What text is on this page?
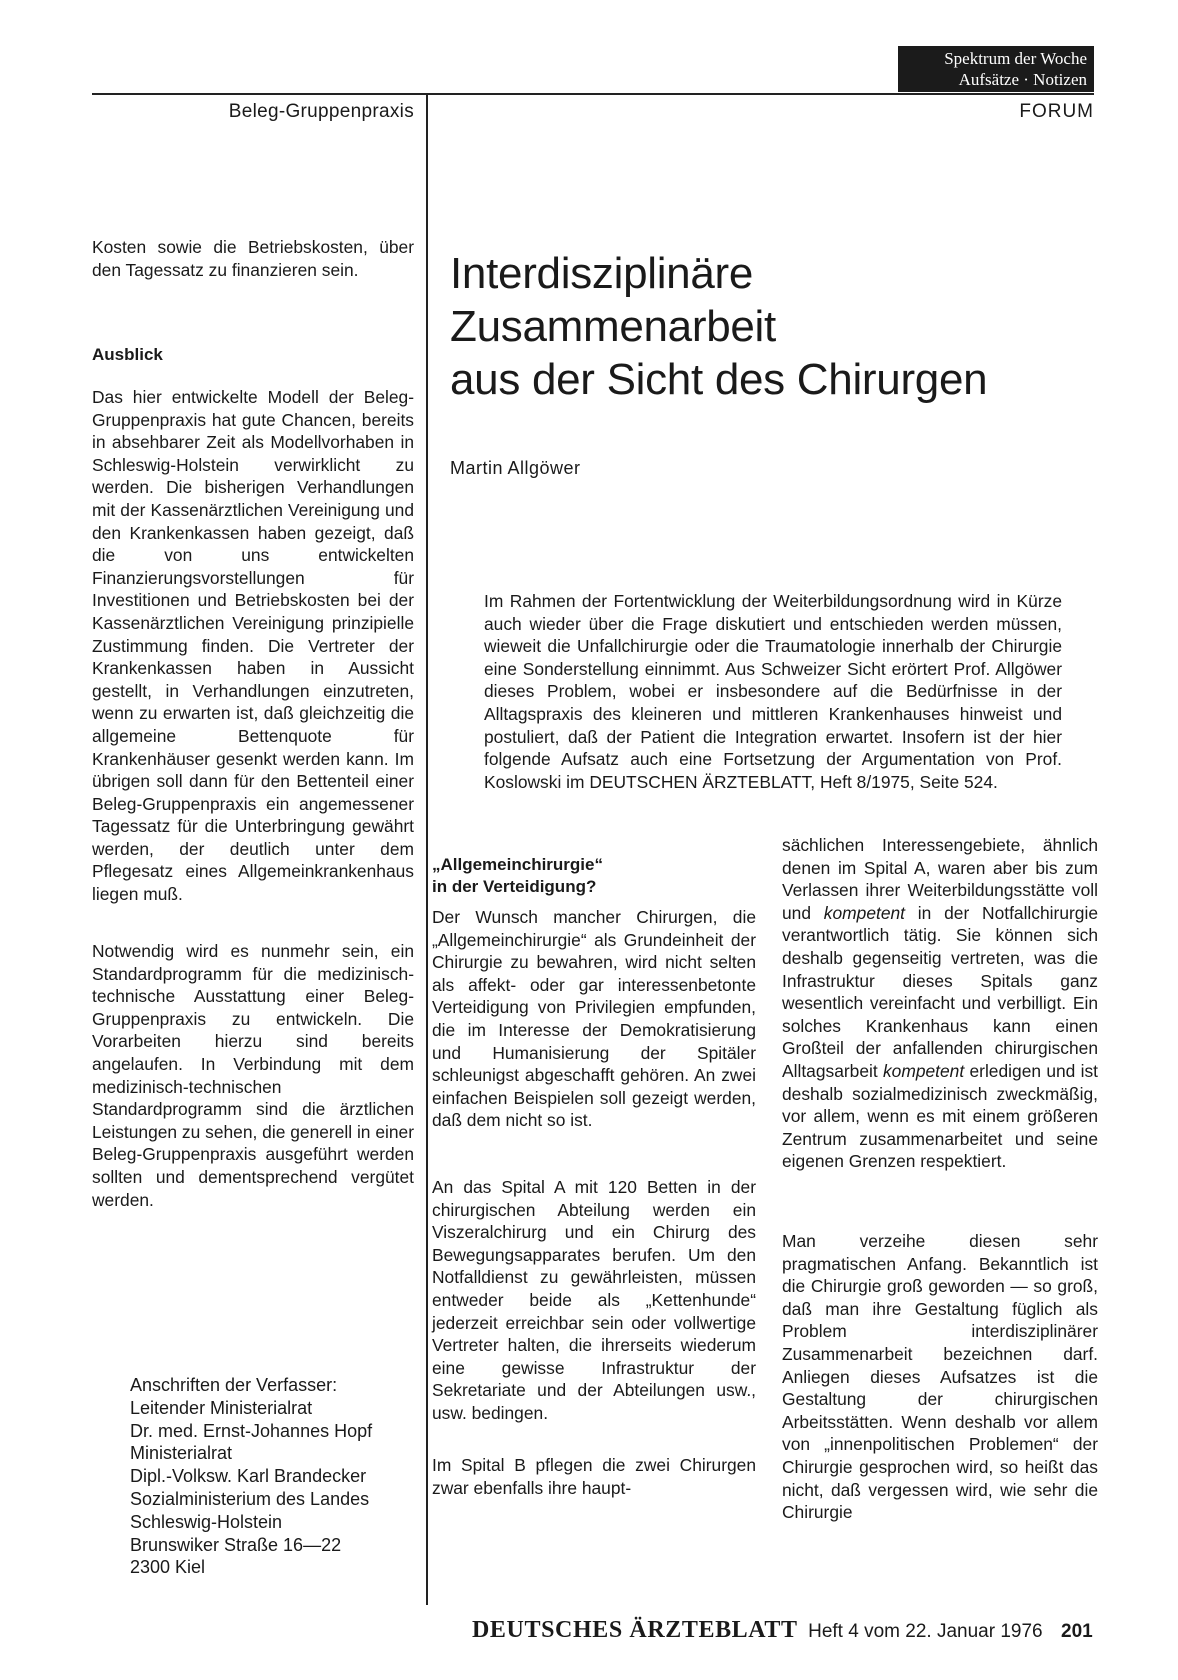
Spektrum der Woche
Aufsätze · Notizen
Beleg-Gruppenpraxis	FORUM

Kosten sowie die Betriebskosten, über den Tagessatz zu finanzieren sein.

Ausblick

Das hier entwickelte Modell der Beleg-Gruppenpraxis hat gute Chancen, bereits in absehbarer Zeit als Modellvorhaben in Schleswig-Holstein verwirklicht zu werden. Die bisherigen Verhandlungen mit der Kassenärztlichen Vereinigung und den Krankenkassen haben gezeigt, daß die von uns entwickelten Finanzierungsvorstellungen für Investitionen und Betriebskosten bei der Kassenärztlichen Vereinigung prinzipielle Zustimmung finden. Die Vertreter der Krankenkassen haben in Aussicht gestellt, in Verhandlungen einzutreten, wenn zu erwarten ist, daß gleichzeitig die allgemeine Bettenquote für Krankenhäuser gesenkt werden kann. Im übrigen soll dann für den Bettenteil einer Beleg-Gruppenpraxis ein angemessener Tagessatz für die Unterbringung gewährt werden, der deutlich unter dem Pflegesatz eines Allgemeinkrankenhaus liegen muß.

Notwendig wird es nunmehr sein, ein Standardprogramm für die medizinisch-technische Ausstattung einer Beleg-Gruppenpraxis zu entwickeln. Die Vorarbeiten hierzu sind bereits angelaufen. In Verbindung mit dem medizinisch-technischen Standardprogramm sind die ärztlichen Leistungen zu sehen, die generell in einer Beleg-Gruppenpraxis ausgeführt werden sollten und dementsprechend vergütet werden.

Anschriften der Verfasser:
Leitender Ministerialrat
Dr. med. Ernst-Johannes Hopf
Ministerialrat
Dipl.-Volksw. Karl Brandecker
Sozialministerium des Landes
Schleswig-Holstein
Brunswiker Straße 16—22
2300 Kiel
Interdisziplinäre
Zusammenarbeit
aus der Sicht des Chirurgen
Martin Allgöwer
Im Rahmen der Fortentwicklung der Weiterbildungsordnung wird in Kürze auch wieder über die Frage diskutiert und entschieden werden müssen, wieweit die Unfallchirurgie oder die Traumatologie innerhalb der Chirurgie eine Sonderstellung einnimmt. Aus Schweizer Sicht erörtert Prof. Allgöwer dieses Problem, wobei er insbesondere auf die Bedürfnisse in der Alltagspraxis des kleineren und mittleren Krankenhauses hinweist und postuliert, daß der Patient die Integration erwartet. Insofern ist der hier folgende Aufsatz auch eine Fortsetzung der Argumentation von Prof. Koslowski im DEUTSCHEN ÄRZTEBLATT, Heft 8/1975, Seite 524.
„Allgemeinchirurgie“
in der Verteidigung?

Der Wunsch mancher Chirurgen, die „Allgemeinchirurgie“ als Grundeinheit der Chirurgie zu bewahren, wird nicht selten als affekt- oder gar interessenbetonte Verteidigung von Privilegien empfunden, die im Interesse der Demokratisierung und Humanisierung der Spitäler schleunigst abgeschafft gehören. An zwei einfachen Beispielen soll gezeigt werden, daß dem nicht so ist.

An das Spital A mit 120 Betten in der chirurgischen Abteilung werden ein Viszeralchirurg und ein Chirurg des Bewegungsapparates berufen. Um den Notfalldienst zu gewährleisten, müssen entweder beide als „Kettenhunde“ jederzeit erreichbar sein oder vollwertige Vertreter halten, die ihrerseits wiederum eine gewisse Infrastruktur der Sekretariate und der Abteilungen usw., usw. bedingen.

Im Spital B pflegen die zwei Chirurgen zwar ebenfalls ihre haupt-

sächlichen Interessengebiete, ähnlich denen im Spital A, waren aber bis zum Verlassen ihrer Weiterbildungsstätte voll und kompetent in der Notfallchirurgie verantwortlich tätig. Sie können sich deshalb gegenseitig vertreten, was die Infrastruktur dieses Spitals ganz wesentlich vereinfacht und verbilligt. Ein solches Krankenhaus kann einen Großteil der anfallenden chirurgischen Alltagsarbeit kompetent erledigen und ist deshalb sozialmedizinisch zweckmäßig, vor allem, wenn es mit einem größeren Zentrum zusammenarbeitet und seine eigenen Grenzen respektiert.

Man verzeihe diesen sehr pragmatischen Anfang. Bekanntlich ist die Chirurgie groß geworden — so groß, daß man ihre Gestaltung füglich als Problem interdisziplinärer Zusammenarbeit bezeichnen darf. Anliegen dieses Aufsatzes ist die Gestaltung der chirurgischen Arbeitsstätten. Wenn deshalb vor allem von „innenpolitischen Problemen“ der Chirurgie gesprochen wird, so heißt das nicht, daß vergessen wird, wie sehr die Chirurgie

DEUTSCHES ÄRZTEBLATT Heft 4 vom 22. Januar 1976 201
